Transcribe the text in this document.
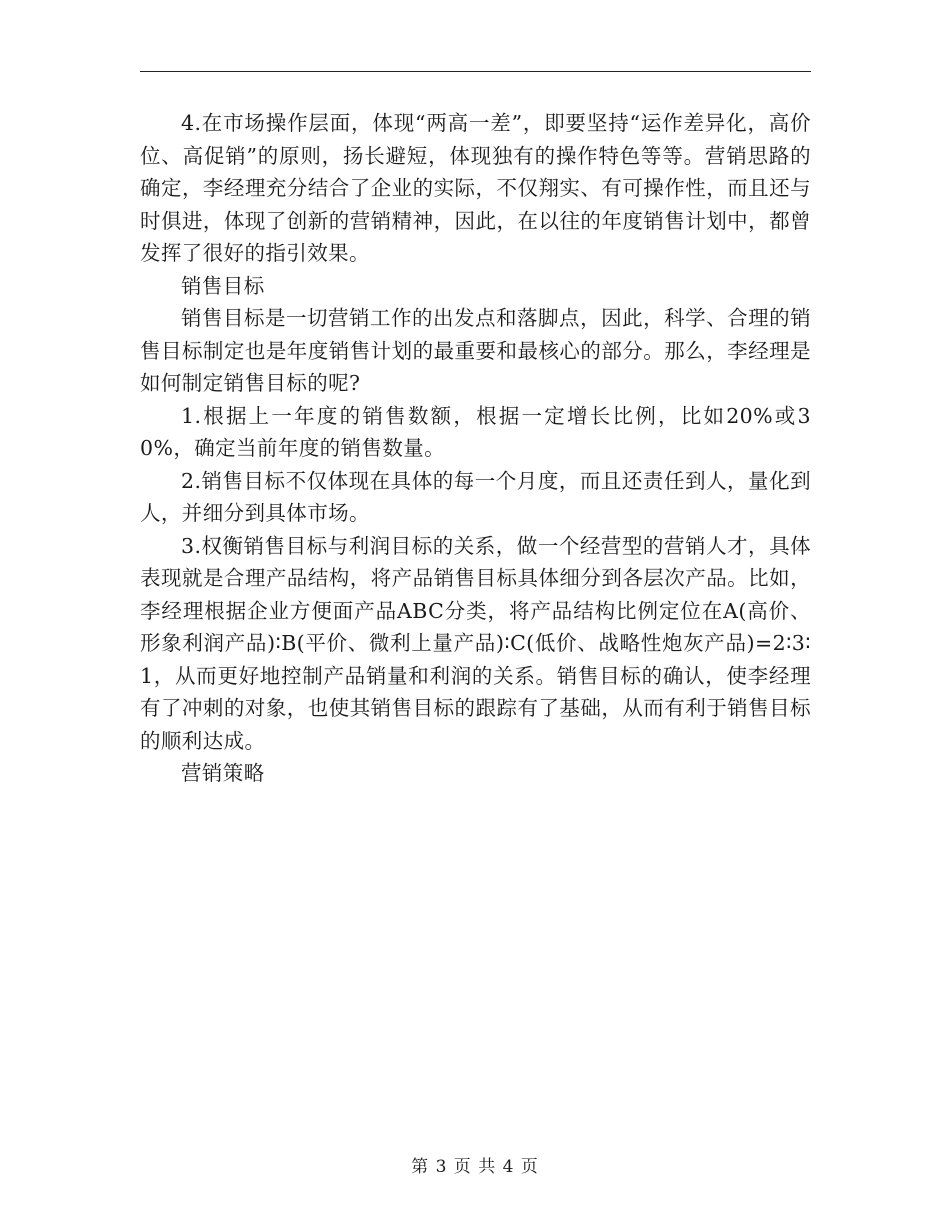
4.在市场操作层面，体现“两高一差”，即要坚持“运作差异化，高价位、高促销”的原则，扬长避短，体现独有的操作特色等等。营销思路的确定，李经理充分结合了企业的实际，不仅翔实、有可操作性，而且还与时俱进，体现了创新的营销精神，因此，在以往的年度销售计划中，都曾发挥了很好的指引效果。

销售目标

销售目标是一切营销工作的出发点和落脚点，因此，科学、合理的销售目标制定也是年度销售计划的最重要和最核心的部分。那么，李经理是如何制定销售目标的呢?

1.根据上一年度的销售数额，根据一定增长比例，比如20%或30%，确定当前年度的销售数量。

2.销售目标不仅体现在具体的每一个月度，而且还责任到人，量化到人，并细分到具体市场。

3.权衡销售目标与利润目标的关系，做一个经营型的营销人才，具体表现就是合理产品结构，将产品销售目标具体细分到各层次产品。比如，李经理根据企业方便面产品ABC分类，将产品结构比例定位在A(高价、形象利润产品)∶B(平价、微利上量产品)∶C(低价、战略性炮灰产品)=2∶3∶1，从而更好地控制产品销量和利润的关系。销售目标的确认，使李经理有了冲刺的对象，也使其销售目标的跟踪有了基础，从而有利于销售目标的顺利达成。

营销策略

第 3 页 共 4 页
